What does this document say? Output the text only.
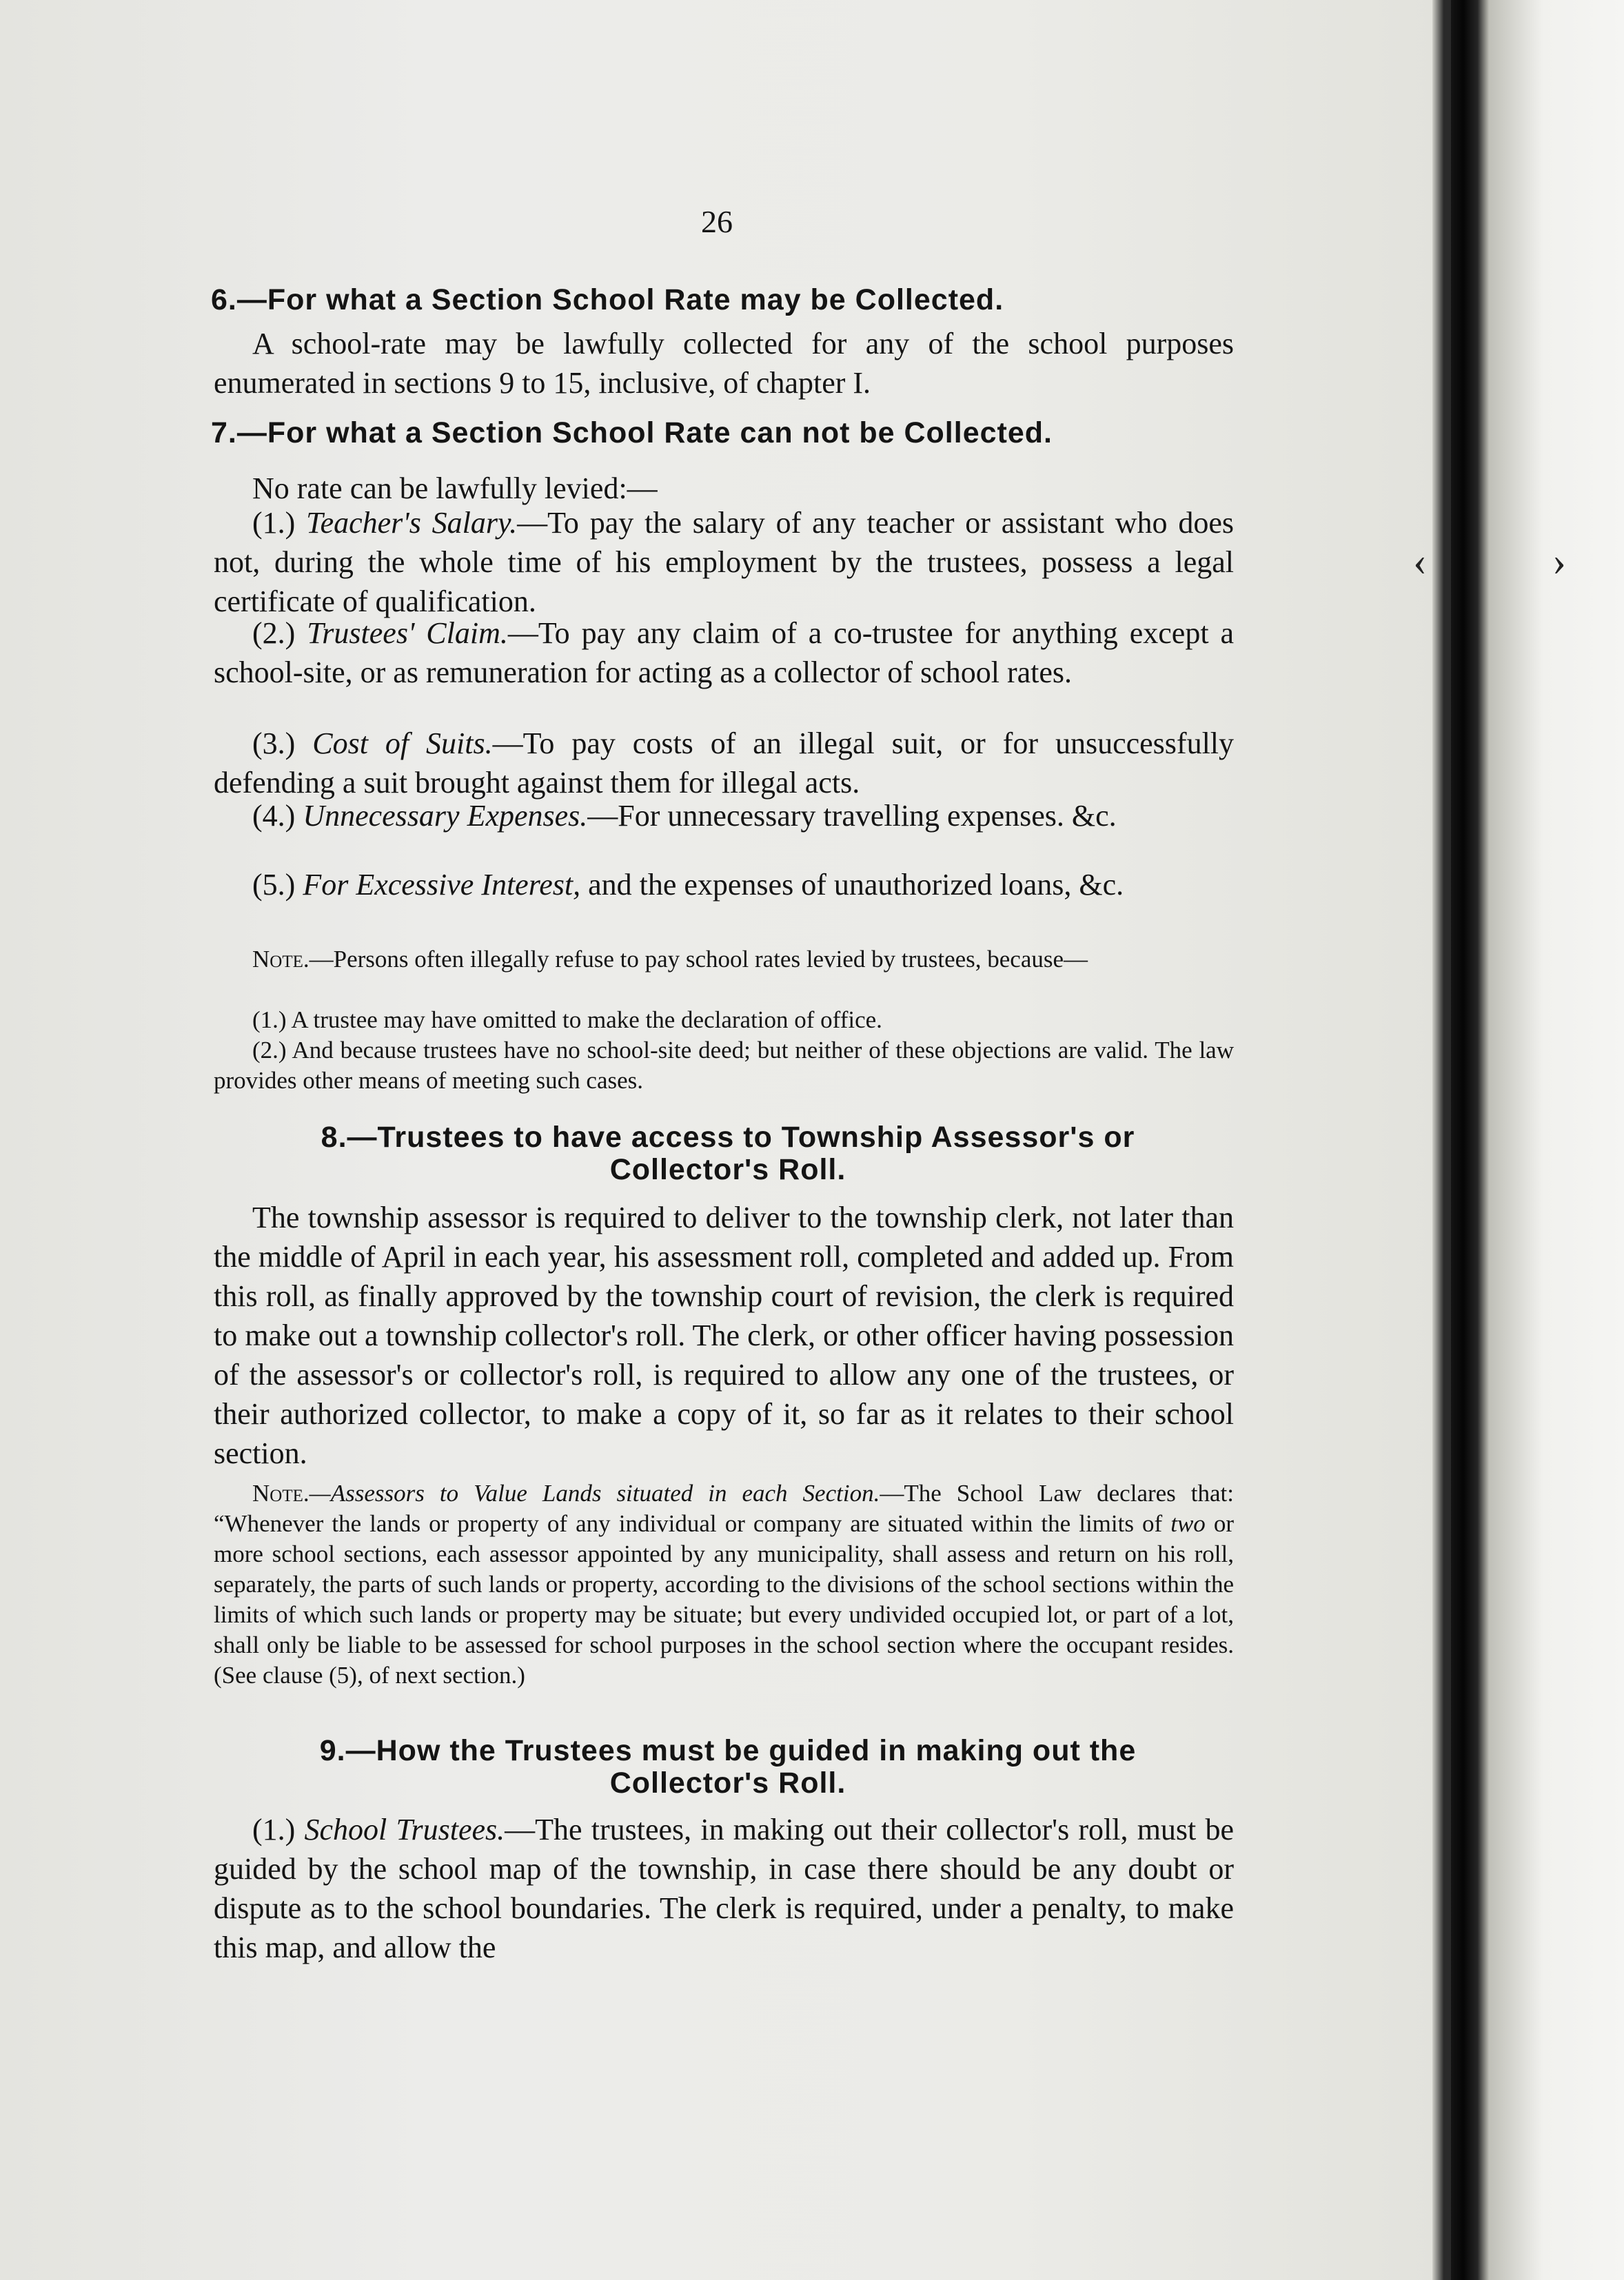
‹	›
26
6.—For what a Section School Rate may be Collected.
A school-rate may be lawfully collected for any of the school purposes enumerated in sections 9 to 15, inclusive, of chapter I.
7.—For what a Section School Rate can not be Collected.
No rate can be lawfully levied:—
(1.) Teacher's Salary.—To pay the salary of any teacher or assistant who does not, during the whole time of his employment by the trustees, possess a legal certificate of qualification.
(2.) Trustees' Claim.—To pay any claim of a co-trustee for anything except a school-site, or as remuneration for acting as a collector of school rates.
(3.) Cost of Suits.—To pay costs of an illegal suit, or for unsuccessfully defending a suit brought against them for illegal acts.
(4.) Unnecessary Expenses.—For unnecessary travelling expenses. &c.
(5.) For Excessive Interest, and the expenses of unauthorized loans, &c.
Note.—Persons often illegally refuse to pay school rates levied by trustees, because—
(1.) A trustee may have omitted to make the declaration of office.
(2.) And because trustees have no school-site deed; but neither of these objections are valid. The law provides other means of meeting such cases.
8.—Trustees to have access to Township Assessor's or
Collector's Roll.
The township assessor is required to deliver to the township clerk, not later than the middle of April in each year, his assessment roll, completed and added up. From this roll, as finally approved by the township court of revision, the clerk is required to make out a township collector's roll. The clerk, or other officer having possession of the assessor's or collector's roll, is required to allow any one of the trustees, or their authorized collector, to make a copy of it, so far as it relates to their school section.
Note.—Assessors to Value Lands situated in each Section.—The School Law declares that: “Whenever the lands or property of any individual or company are situated within the limits of two or more school sections, each assessor appointed by any municipality, shall assess and return on his roll, separately, the parts of such lands or property, according to the divisions of the school sections within the limits of which such lands or property may be situate; but every undivided occupied lot, or part of a lot, shall only be liable to be assessed for school purposes in the school section where the occupant resides. (See clause (5), of next section.)
9.—How the Trustees must be guided in making out the
Collector's Roll.
(1.) School Trustees.—The trustees, in making out their collector's roll, must be guided by the school map of the township, in case there should be any doubt or dispute as to the school boundaries. The clerk is required, under a penalty, to make this map, and allow the
